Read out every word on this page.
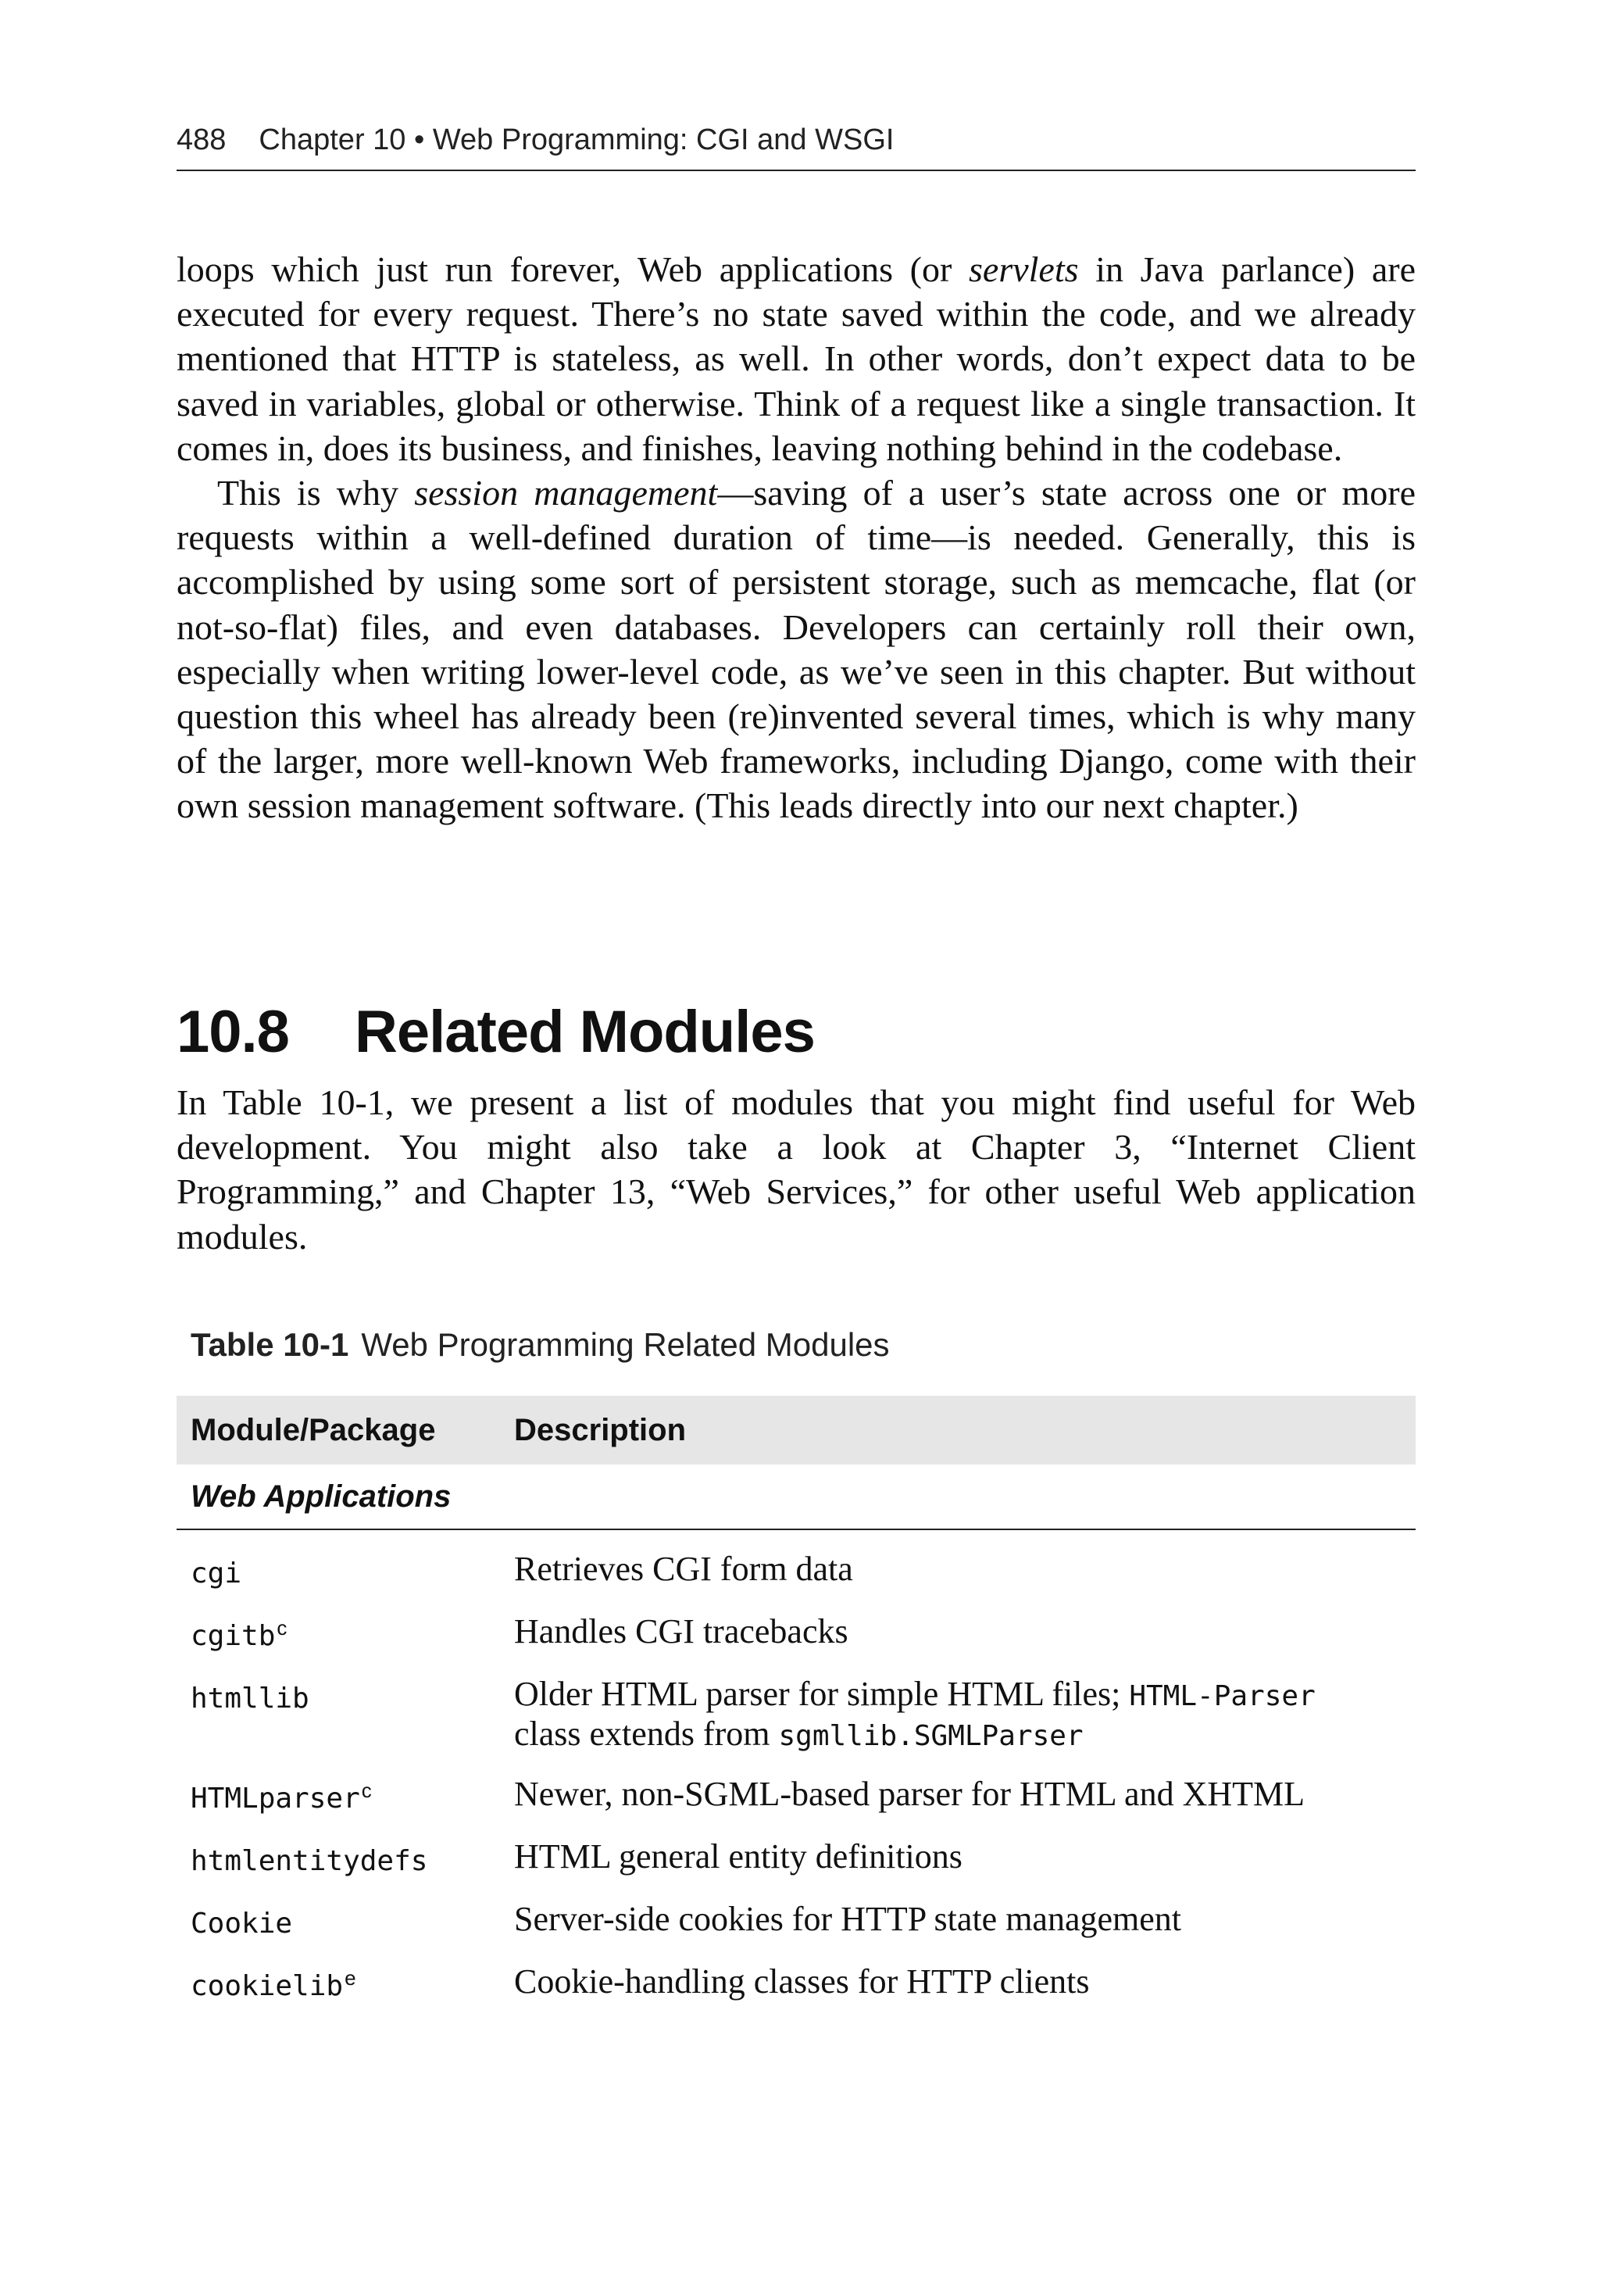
488 Chapter 10 • Web Programming: CGI and WSGI

loops which just run forever, Web applications (or servlets in Java parlance) are executed for every request. There’s no state saved within the code, and we already mentioned that HTTP is stateless, as well. In other words, don’t expect data to be saved in variables, global or otherwise. Think of a request like a single transaction. It comes in, does its business, and finishes, leaving nothing behind in the codebase.

This is why session management—saving of a user’s state across one or more requests within a well-defined duration of time—is needed. Generally, this is accomplished by using some sort of persistent storage, such as memcache, flat (or not-so-flat) files, and even databases. Developers can certainly roll their own, especially when writing lower-level code, as we’ve seen in this chapter. But without question this wheel has already been (re)invented several times, which is why many of the larger, more well-known Web frameworks, including Django, come with their own session management software. (This leads directly into our next chapter.)

10.8 Related Modules

In Table 10-1, we present a list of modules that you might find useful for Web development. You might also take a look at Chapter 3, “Internet Client Programming,” and Chapter 13, “Web Services,” for other useful Web application modules.

Table 10-1 Web Programming Related Modules
Module/Package	Description
Web Applications
cgi	Retrieves CGI form data
cgitb$^c$	Handles CGI tracebacks
htmllib	Older HTML parser for simple HTML files; HTML-Parser
class extends from sgmllib.SGMLParser
HTMLparser$^c$	Newer, non-SGML-based parser for HTML and XHTML
htmlentitydefs	HTML general entity definitions
Cookie	Server-side cookies for HTTP state management
cookielib$^e$	Cookie-handling classes for HTTP clients
